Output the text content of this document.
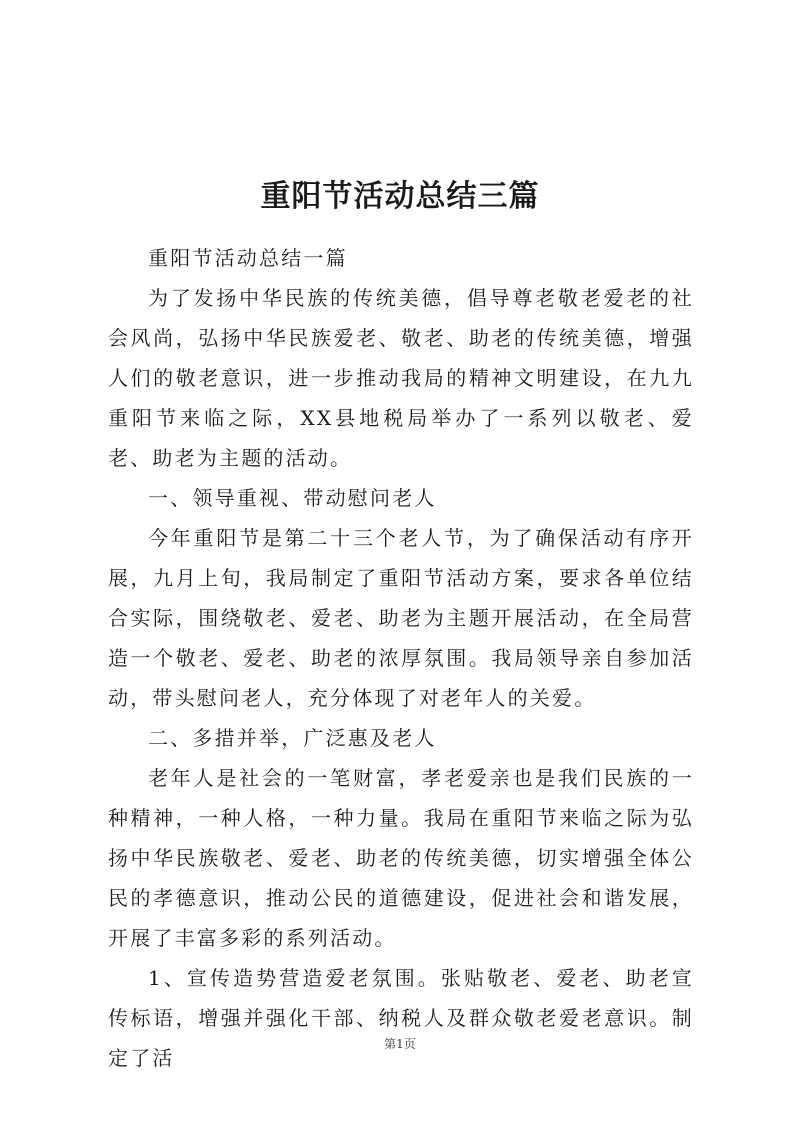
重阳节活动总结三篇

重阳节活动总结一篇

为了发扬中华民族的传统美德，倡导尊老敬老爱老的社会风尚，弘扬中华民族爱老、敬老、助老的传统美德，增强人们的敬老意识，进一步推动我局的精神文明建设，在九九重阳节来临之际，XX县地税局举办了一系列以敬老、爱老、助老为主题的活动。

一、领导重视、带动慰问老人

今年重阳节是第二十三个老人节，为了确保活动有序开展，九月上旬，我局制定了重阳节活动方案，要求各单位结合实际，围绕敬老、爱老、助老为主题开展活动，在全局营造一个敬老、爱老、助老的浓厚氛围。我局领导亲自参加活动，带头慰问老人，充分体现了对老年人的关爱。

二、多措并举，广泛惠及老人

老年人是社会的一笔财富，孝老爱亲也是我们民族的一种精神，一种人格，一种力量。我局在重阳节来临之际为弘扬中华民族敬老、爱老、助老的传统美德，切实增强全体公民的孝德意识，推动公民的道德建设，促进社会和谐发展，开展了丰富多彩的系列活动。

1、宣传造势营造爱老氛围。张贴敬老、爱老、助老宣传标语，增强并强化干部、纳税人及群众敬老爱老意识。制定了活

第1页
